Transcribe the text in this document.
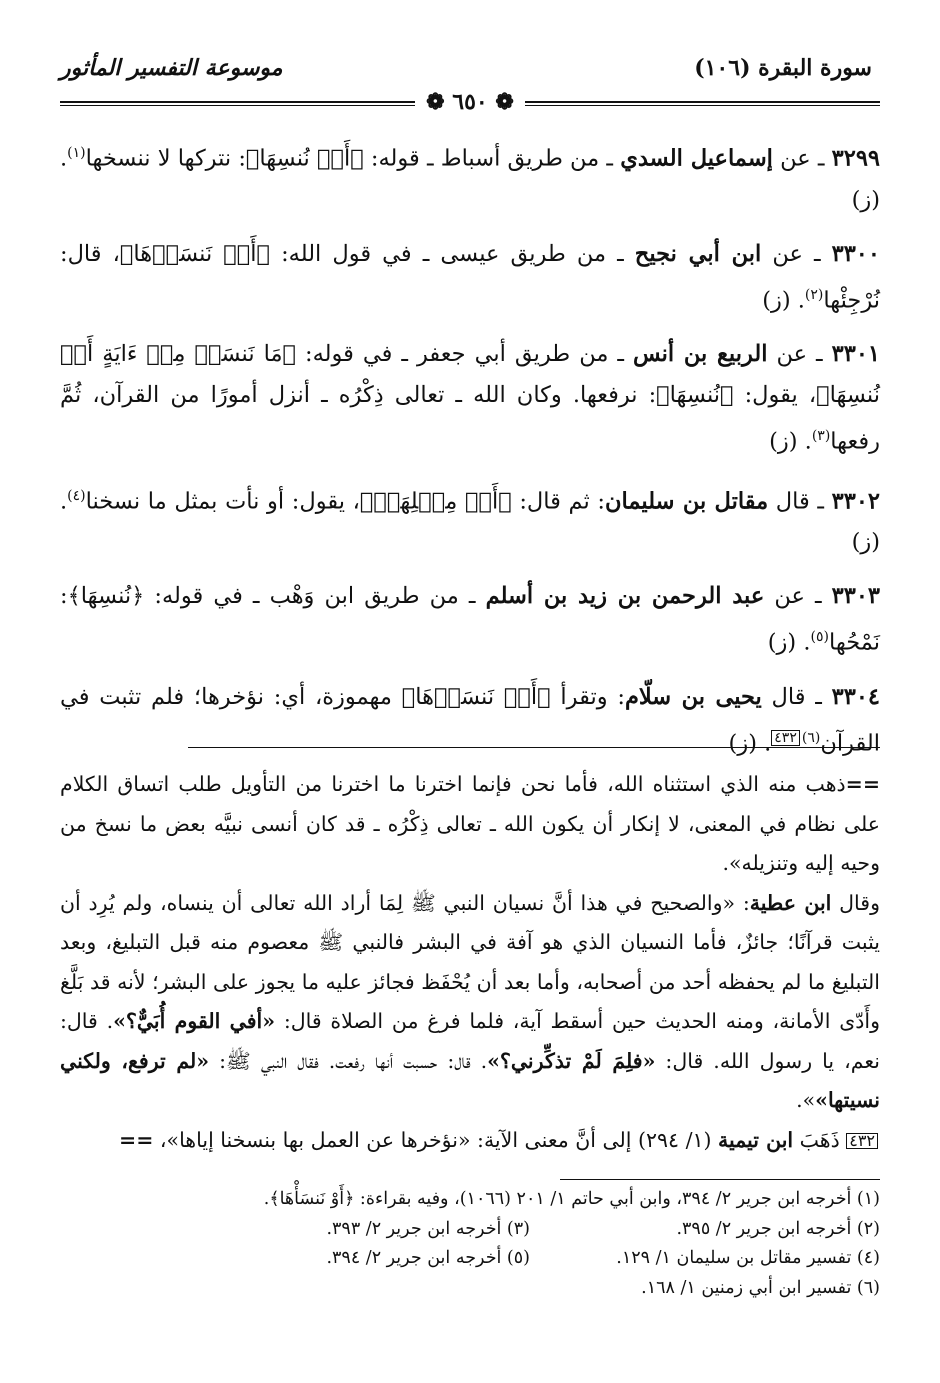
سورة البقرة (١٠٦)
موسوعة التفسير المأثور
❁ ٦٥٠ ❁

٣٢٩٩ ـ عن إسماعيل السدي ـ من طريق أسباط ـ قوله: ﴿أَوۡ نُنسِهَا﴾: نتركها لا ننسخها$^{(١)}$. (ز)

٣٣٠٠ ـ عن ابن أبي نجيح ـ من طريق عيسى ـ في قول الله: ﴿أَوۡ نَنسَأۡهَا﴾، قال: نُرْجِئْها$^{(٢)}$. (ز)

٣٣٠١ ـ عن الربيع بن أنس ـ من طريق أبي جعفر ـ في قوله: ﴿مَا نَنسَخۡ مِنۡ ءَايَةٍ أَوۡ نُنسِهَا﴾، يقول: ﴿نُنسِهَا﴾: نرفعها. وكان الله ـ تعالى ذِكْرُه ـ أنزل أمورًا من القرآن، ثُمَّ رفعها$^{(٣)}$. (ز)

٣٣٠٢ ـ قال مقاتل بن سليمان: ثم قال: ﴿أَوۡ مِثۡلِهَآۗ﴾، يقول: أو نأت بمثل ما نسخنا$^{(٤)}$. (ز)

٣٣٠٣ ـ عن عبد الرحمن بن زيد بن أسلم ـ من طريق ابن وَهْب ـ في قوله: ﴿نُنسِهَا﴾: نَمْحُها$^{(٥)}$. (ز)

٣٣٠٤ ـ قال يحيى بن سلّام: وتقرأ ﴿أَوۡ نَنسَأۡهَا﴾ مهموزة، أي: نؤخرها؛ فلم تثبت في القرآن$^{(٦)}$٤٣٢. (ز)

==ذهب منه الذي استثناه الله، فأما نحن فإنما اخترنا ما اخترنا من التأويل طلب اتساق الكلام على نظام في المعنى، لا إنكار أن يكون الله ـ تعالى ذِكْرُه ـ قد كان أنسى نبيَّه بعض ما نسخ من وحيه إليه وتنزيله».

وقال ابن عطية: «والصحيح في هذا أنَّ نسيان النبي ﷺ لِمَا أراد الله تعالى أن ينساه، ولم يُرِد أن يثبت قرآنًا؛ جائزٌ، فأما النسيان الذي هو آفة في البشر فالنبي ﷺ معصوم منه قبل التبليغ، وبعد التبليغ ما لم يحفظه أحد من أصحابه، وأما بعد أن يُحْفَظ فجائز عليه ما يجوز على البشر؛ لأنه قد بَلَّغ وأَدّى الأمانة، ومنه الحديث حين أسقط آية، فلما فرغ من الصلاة قال: «أفي القوم أُبَيٌّ؟». قال: نعم، يا رسول الله. قال: «فلِمَ لَمْ تذكِّرني؟». قال: حسبت أنها رفعت. فقال النبي ﷺ: «لم ترفع، ولكني نسيتها»».

٤٣٢ ذَهَبَ ابن تيمية (١/ ٢٩٤) إلى أنَّ معنى الآية: «نؤخرها عن العمل بها بنسخنا إياها»، ==

(١) أخرجه ابن جرير ٢/ ٣٩٤، وابن أبي حاتم ١/ ٢٠١ (١٠٦٦)، وفيه بقراءة: ﴿أَوْ نَنسَأْهَا﴾.
(٢) أخرجه ابن جرير ٢/ ٣٩٥.
(٣) أخرجه ابن جرير ٢/ ٣٩٣.
(٤) تفسير مقاتل بن سليمان ١/ ١٢٩.
(٥) أخرجه ابن جرير ٢/ ٣٩٤.
(٦) تفسير ابن أبي زمنين ١/ ١٦٨.
